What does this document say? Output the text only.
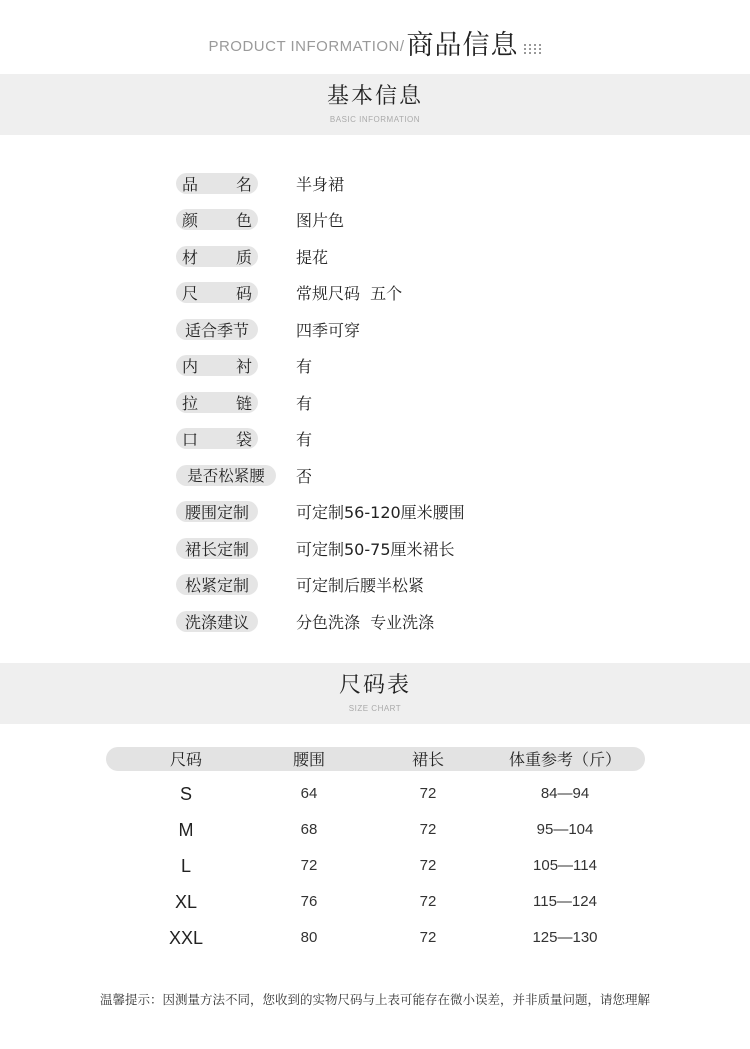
PRODUCT INFORMATION/ 商品信息
基本信息
BASIC INFORMATION
品 名	半身裙
颜 色	图片色
材 质	提花
尺 码	常规尺码  五个
适合季节	四季可穿
内 衬	有
拉 链	有
口 袋	有
是否松紧腰	否
腰围定制	可定制56-120厘米腰围
裙长定制	可定制50-75厘米裙长
松紧定制	可定制后腰半松紧
洗涤建议	分色洗涤  专业洗涤
尺码表
SIZE CHART
尺码	腰围	裙长	体重参考（斤）
S	64	72	84—94
M	68	72	95—104
L	72	72	105—114
XL	76	72	115—124
XXL	80	72	125—130
温馨提示：因测量方法不同，您收到的实物尺码与上表可能存在微小误差，并非质量问题，请您理解
